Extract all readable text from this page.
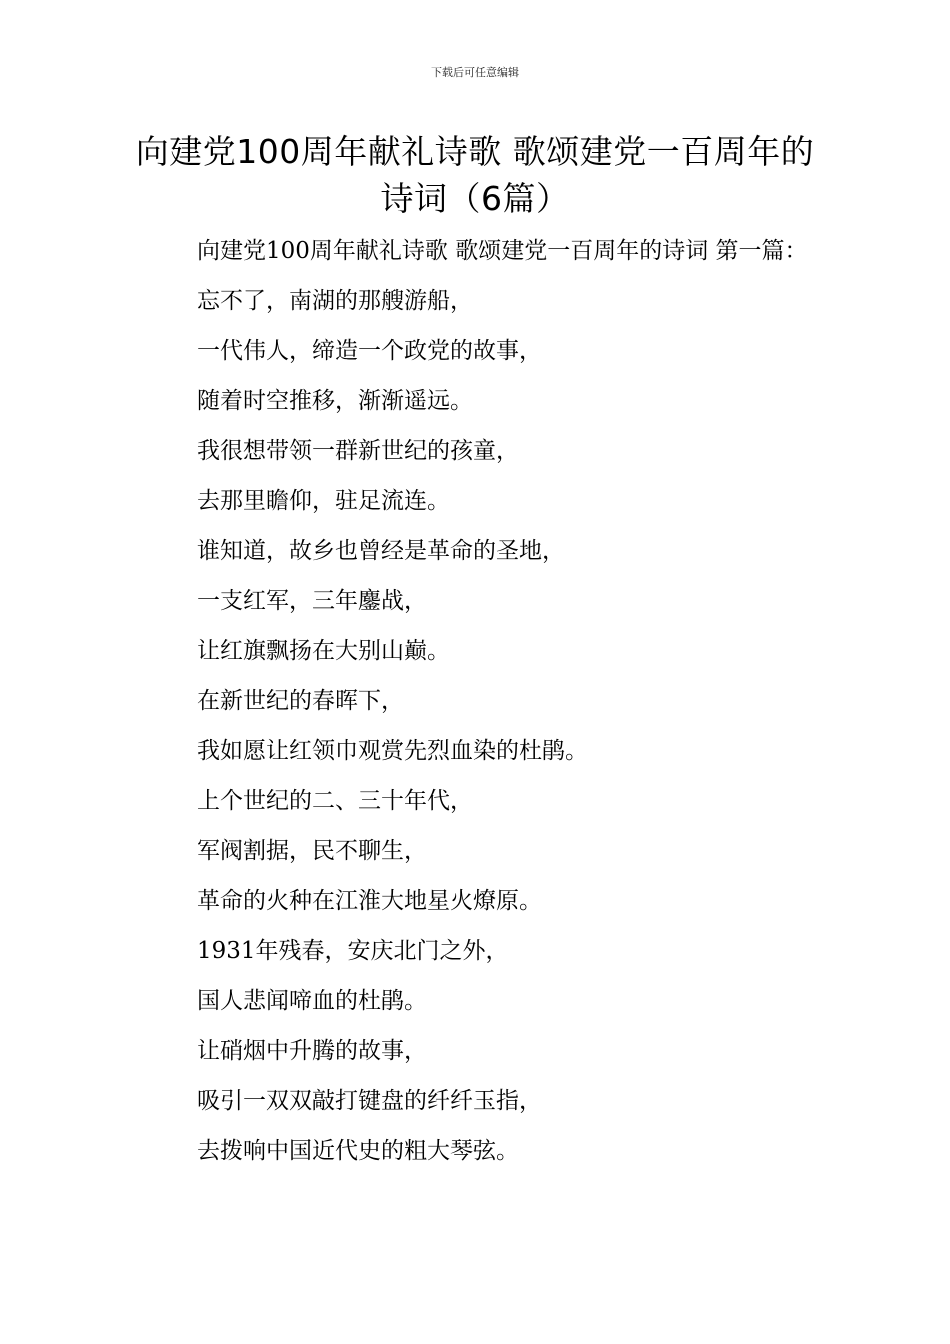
下载后可任意编辑
向建党100周年献礼诗歌 歌颂建党一百周年的诗词（6篇）

向建党100周年献礼诗歌 歌颂建党一百周年的诗词 第一篇：

忘不了，南湖的那艘游船，
一代伟人，缔造一个政党的故事，
随着时空推移，渐渐遥远。
我很想带领一群新世纪的孩童，
去那里瞻仰，驻足流连。
谁知道，故乡也曾经是革命的圣地，
一支红军，三年鏖战，
让红旗飘扬在大别山巅。
在新世纪的春晖下，
我如愿让红领巾观赏先烈血染的杜鹃。
上个世纪的二、三十年代，
军阀割据，民不聊生，
革命的火种在江淮大地星火燎原。
1931年残春，安庆北门之外，
国人悲闻啼血的杜鹃。
让硝烟中升腾的故事，
吸引一双双敲打键盘的纤纤玉指，
去拨响中国近代史的粗大琴弦。
